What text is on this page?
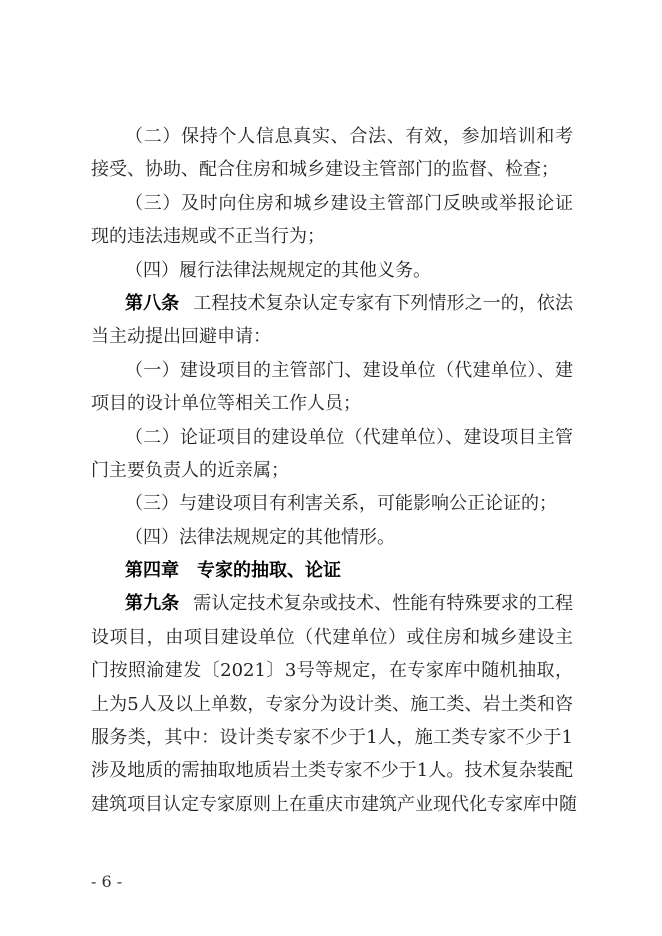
（二）保持个人信息真实、合法、有效，参加培训和考
接受、协助、配合住房和城乡建设主管部门的监督、检查；
（三）及时向住房和城乡建设主管部门反映或举报论证
现的违法违规或不正当行为；
（四）履行法律法规规定的其他义务。
第八条 工程技术复杂认定专家有下列情形之一的，依法
当主动提出回避申请：
（一）建设项目的主管部门、建设单位（代建单位）、建
项目的设计单位等相关工作人员；
（二）论证项目的建设单位（代建单位）、建设项目主管
门主要负责人的近亲属；
（三）与建设项目有利害关系，可能影响公正论证的；
（四）法律法规规定的其他情形。
第四章　专家的抽取、论证
第九条 需认定技术复杂或技术、性能有特殊要求的工程
设项目，由项目建设单位（代建单位）或住房和城乡建设主
门按照渝建发〔2021〕3号等规定，在专家库中随机抽取，
上为5人及以上单数，专家分为设计类、施工类、岩土类和咨
服务类，其中：设计类专家不少于1人，施工类专家不少于1
涉及地质的需抽取地质岩土类专家不少于1人。技术复杂装配
建筑项目认定专家原则上在重庆市建筑产业现代化专家库中随
- 6 -
